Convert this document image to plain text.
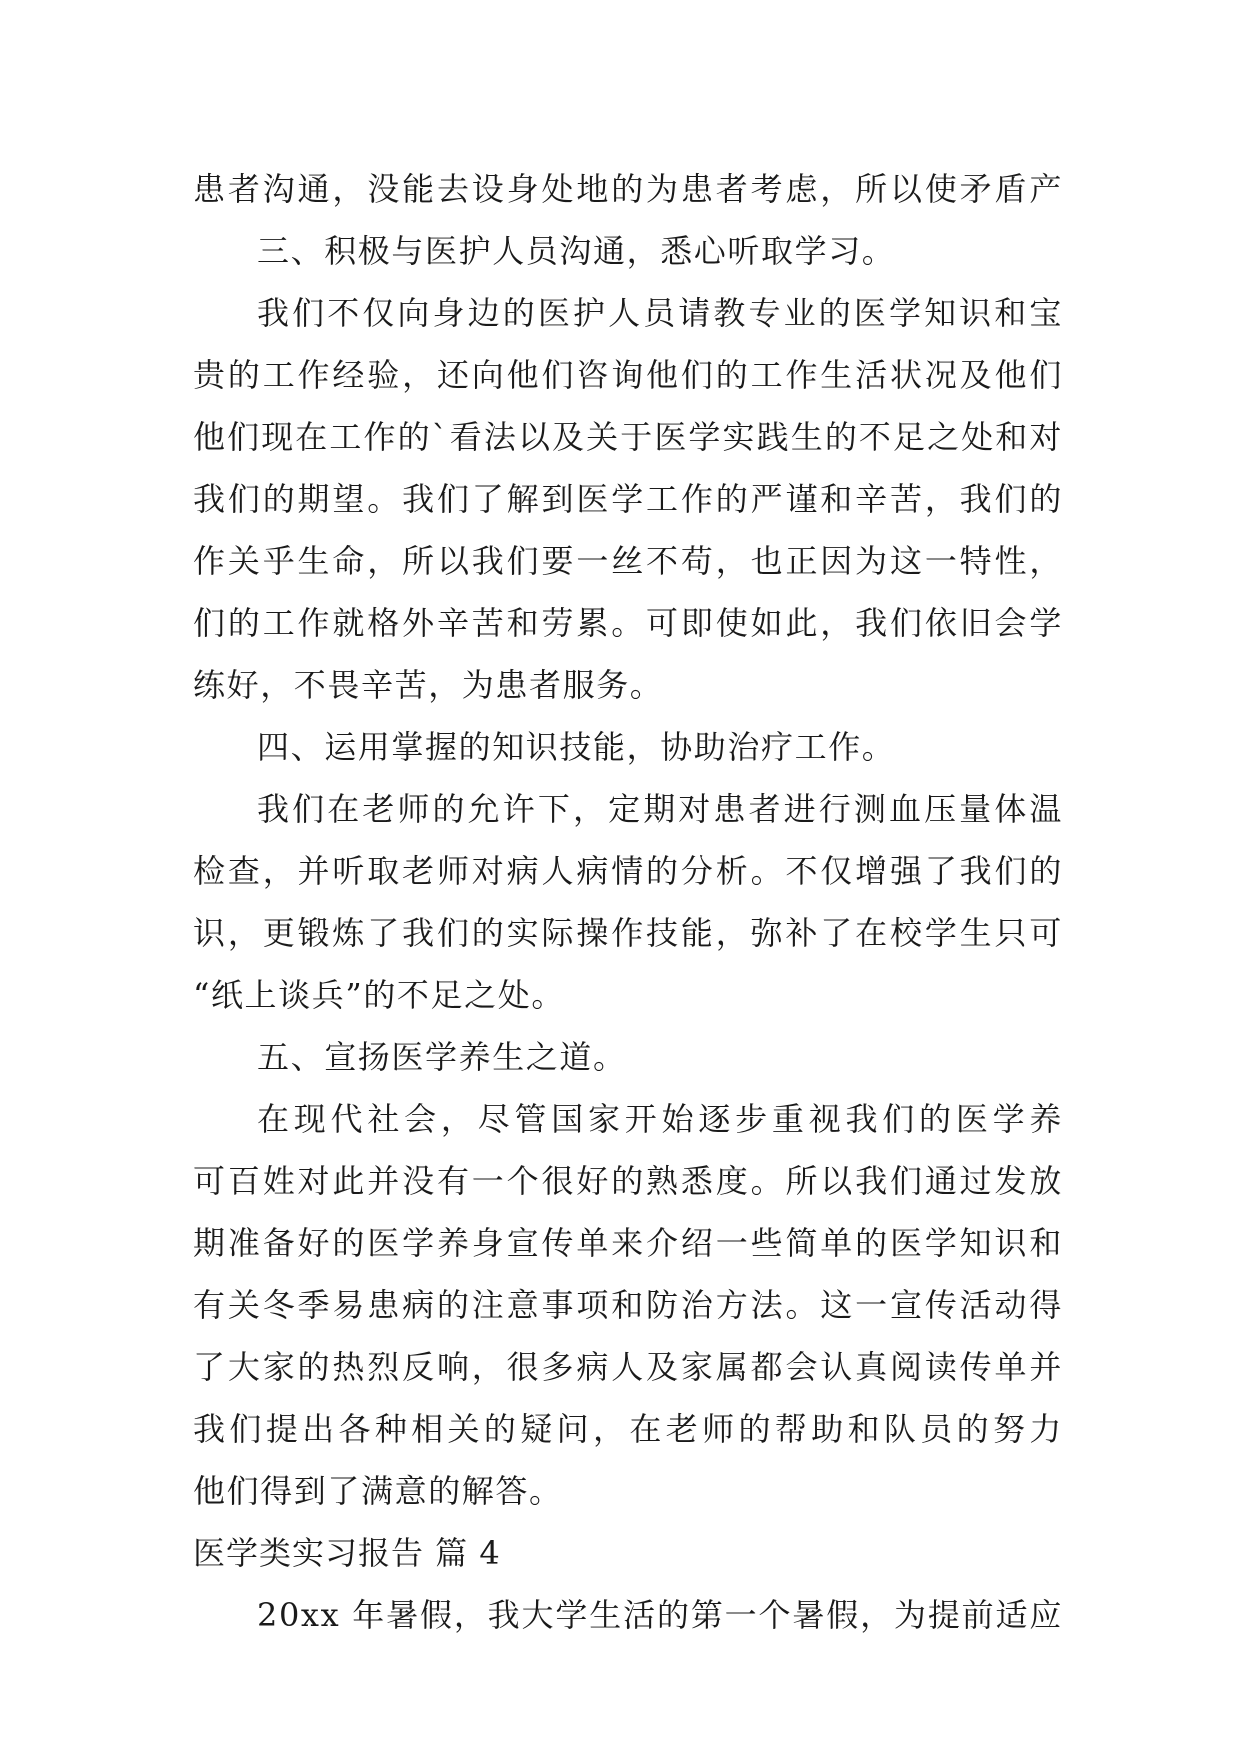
患者沟通，没能去设身处地的为患者考虑，所以使矛盾产
三、积极与医护人员沟通，悉心听取学习。
我们不仅向身边的医护人员请教专业的医学知识和宝
贵的工作经验，还向他们咨询他们的工作生活状况及他们
他们现在工作的`看法以及关于医学实践生的不足之处和对
我们的期望。我们了解到医学工作的严谨和辛苦，我们的
作关乎生命，所以我们要一丝不苟，也正因为这一特性，
们的工作就格外辛苦和劳累。可即使如此，我们依旧会学
练好，不畏辛苦，为患者服务。
四、运用掌握的知识技能，协助治疗工作。
我们在老师的允许下，定期对患者进行测血压量体温
检查，并听取老师对病人病情的分析。不仅增强了我们的
识，更锻炼了我们的实际操作技能，弥补了在校学生只可
“纸上谈兵”的不足之处。
五、宣扬医学养生之道。
在现代社会，尽管国家开始逐步重视我们的医学养
可百姓对此并没有一个很好的熟悉度。所以我们通过发放
期准备好的医学养身宣传单来介绍一些简单的医学知识和
有关冬季易患病的注意事项和防治方法。这一宣传活动得
了大家的热烈反响，很多病人及家属都会认真阅读传单并
我们提出各种相关的疑问，在老师的帮助和队员的努力
他们得到了满意的解答。
医学类实习报告 篇 4
20xx 年暑假，我大学生活的第一个暑假，为提前适应
